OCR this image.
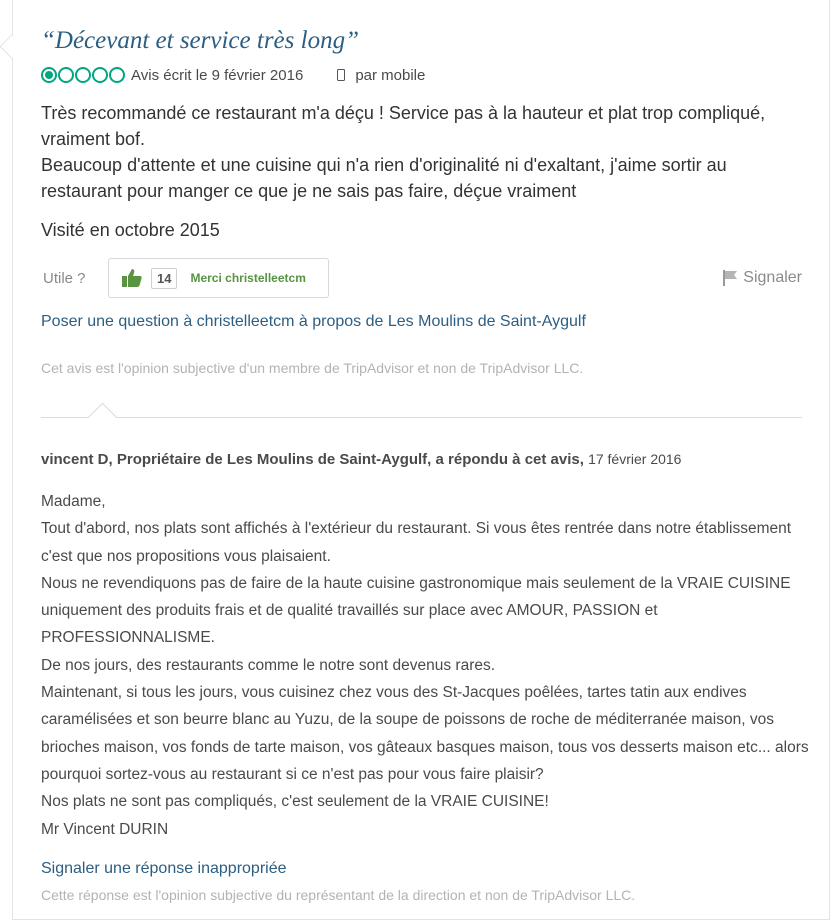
“Décevant et service très long”
Avis écrit le 9 février 2016	par mobile

Très recommandé ce restaurant m'a déçu ! Service pas à la hauteur et plat trop compliqué, vraiment bof.

Beaucoup d'attente et une cuisine qui n'a rien d'originalité ni d'exaltant, j'aime sortir au restaurant pour manger ce que je ne sais pas faire, déçue vraiment

Visité en octobre 2015
Utile ?	14	Merci christelleetcm	Signaler
Poser une question à christelleetcm à propos de Les Moulins de Saint-Aygulf
Cet avis est l'opinion subjective d'un membre de TripAdvisor et non de TripAdvisor LLC.
vincent D, Propriétaire de Les Moulins de Saint-Aygulf, a répondu à cet avis, 17 février 2016

Madame,

Tout d'abord, nos plats sont affichés à l'extérieur du restaurant. Si vous êtes rentrée dans notre établissement c'est que nos propositions vous plaisaient.

Nous ne revendiquons pas de faire de la haute cuisine gastronomique mais seulement de la VRAIE CUISINE uniquement des produits frais et de qualité travaillés sur place avec AMOUR, PASSION et PROFESSIONNALISME.

De nos jours, des restaurants comme le notre sont devenus rares.

Maintenant, si tous les jours, vous cuisinez chez vous des St-Jacques poêlées, tartes tatin aux endives caramélisées et son beurre blanc au Yuzu, de la soupe de poissons de roche de méditerranée maison, vos brioches maison, vos fonds de tarte maison, vos gâteaux basques maison, tous vos desserts maison etc... alors pourquoi sortez-vous au restaurant si ce n'est pas pour vous faire plaisir?

Nos plats ne sont pas compliqués, c'est seulement de la VRAIE CUISINE!

Mr Vincent DURIN

Signaler une réponse inappropriée
Cette réponse est l'opinion subjective du représentant de la direction et non de TripAdvisor LLC.
